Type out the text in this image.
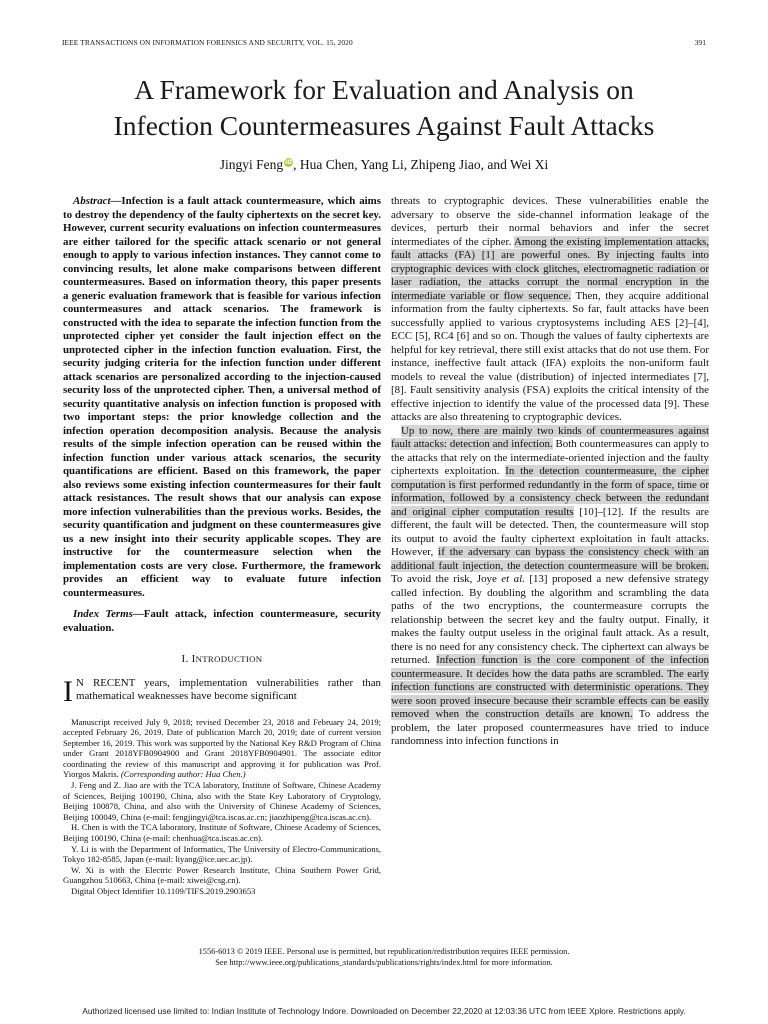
IEEE TRANSACTIONS ON INFORMATION FORENSICS AND SECURITY, VOL. 15, 2020	391
A Framework for Evaluation and Analysis on
Infection Countermeasures Against Fault Attacks
Jingyi Feng iD, Hua Chen, Yang Li, Zhipeng Jiao, and Wei Xi

Abstract—Infection is a fault attack countermeasure, which aims to destroy the dependency of the faulty ciphertexts on the secret key. However, current security evaluations on infection countermeasures are either tailored for the specific attack scenario or not general enough to apply to various infection instances. They cannot come to convincing results, let alone make comparisons between different countermeasures. Based on information theory, this paper presents a generic evaluation framework that is feasible for various infection countermeasures and attack scenarios. The framework is constructed with the idea to separate the infection function from the unprotected cipher yet consider the fault injection effect on the unprotected cipher in the infection function evaluation. First, the security judging criteria for the infection function under different attack scenarios are personalized according to the injection-caused security loss of the unprotected cipher. Then, a universal method of security quantitative analysis on infection function is proposed with two important steps: the prior knowledge collection and the infection operation decomposition analysis. Because the analysis results of the simple infection operation can be reused within the infection function under various attack scenarios, the security quantifications are efficient. Based on this framework, the paper also reviews some existing infection countermeasures for their fault attack resistances. The result shows that our analysis can expose more infection vulnerabilities than the previous works. Besides, the security quantification and judgment on these countermeasures give us a new insight into their security applicable scopes. They are instructive for the countermeasure selection when the implementation costs are very close. Furthermore, the framework provides an efficient way to evaluate future infection countermeasures.

Index Terms—Fault attack, infection countermeasure, security evaluation.

I. INTRODUCTION

I N RECENT years, implementation vulnerabilities rather than mathematical weaknesses have become significant

Manuscript received July 9, 2018; revised December 23, 2018 and February 24, 2019; accepted February 26, 2019. Date of publication March 20, 2019; date of current version September 16, 2019. This work was supported by the National Key R&D Program of China under Grant 2018YFB0904900 and Grant 2018YFB0904901. The associate editor coordinating the review of this manuscript and approving it for publication was Prof. Yiorgos Makris. (Corresponding author: Hua Chen.)

J. Feng and Z. Jiao are with the TCA laboratory, Institute of Software, Chinese Academy of Sciences, Beijing 100190, China, also with the State Key Laboratory of Cryptology, Beijing 100878, China, and also with the University of Chinese Academy of Sciences, Beijing 100049, China (e-mail: fengjingyi@tca.iscas.ac.cn; jiaozhipeng@tca.iscas.ac.cn).

H. Chen is with the TCA laboratory, Institute of Software, Chinese Academy of Sciences, Beijing 100190, China (e-mail: chenhua@tca.iscas.ac.cn).

Y. Li is with the Department of Informatics, The University of Electro-Communications, Tokyo 182-8585, Japan (e-mail: liyang@ice.uec.ac.jp).

W. Xi is with the Electric Power Research Institute, China Southern Power Grid, Guangzhou 510663, China (e-mail: xiwei@csg.cn).

Digital Object Identifier 10.1109/TIFS.2019.2903653

threats to cryptographic devices. These vulnerabilities enable the adversary to observe the side-channel information leakage of the devices, perturb their normal behaviors and infer the secret intermediates of the cipher. Among the existing implementation attacks, fault attacks (FA) [1] are powerful ones. By injecting faults into cryptographic devices with clock glitches, electromagnetic radiation or laser radiation, the attacks corrupt the normal encryption in the intermediate variable or flow sequence. Then, they acquire additional information from the faulty ciphertexts. So far, fault attacks have been successfully applied to various cryptosystems including AES [2]–[4], ECC [5], RC4 [6] and so on. Though the values of faulty ciphertexts are helpful for key retrieval, there still exist attacks that do not use them. For instance, ineffective fault attack (IFA) exploits the non-uniform fault models to reveal the value (distribution) of injected intermediates [7], [8]. Fault sensitivity analysis (FSA) exploits the critical intensity of the effective injection to identify the value of the processed data [9]. These attacks are also threatening to cryptographic devices.

Up to now, there are mainly two kinds of countermeasures against fault attacks: detection and infection. Both countermeasures can apply to the attacks that rely on the intermediate-oriented injection and the faulty ciphertexts exploitation. In the detection countermeasure, the cipher computation is first performed redundantly in the form of space, time or information, followed by a consistency check between the redundant and original cipher computation results [10]–[12]. If the results are different, the fault will be detected. Then, the countermeasure will stop its output to avoid the faulty ciphertext exploitation in fault attacks. However, if the adversary can bypass the consistency check with an additional fault injection, the detection countermeasure will be broken. To avoid the risk, Joye et al. [13] proposed a new defensive strategy called infection. By doubling the algorithm and scrambling the data paths of the two encryptions, the countermeasure corrupts the relationship between the secret key and the faulty output. Finally, it makes the faulty output useless in the original fault attack. As a result, there is no need for any consistency check. The ciphertext can always be returned. Infection function is the core component of the infection countermeasure. It decides how the data paths are scrambled. The early infection functions are constructed with deterministic operations. They were soon proved insecure because their scramble effects can be easily removed when the construction details are known. To address the problem, the later proposed countermeasures have tried to induce randomness into infection functions in

1556-6013 © 2019 IEEE. Personal use is permitted, but republication/redistribution requires IEEE permission.
See http://www.ieee.org/publications_standards/publications/rights/index.html for more information.
Authorized licensed use limited to: Indian Institute of Technology Indore. Downloaded on December 22,2020 at 12:03:36 UTC from IEEE Xplore. Restrictions apply.
